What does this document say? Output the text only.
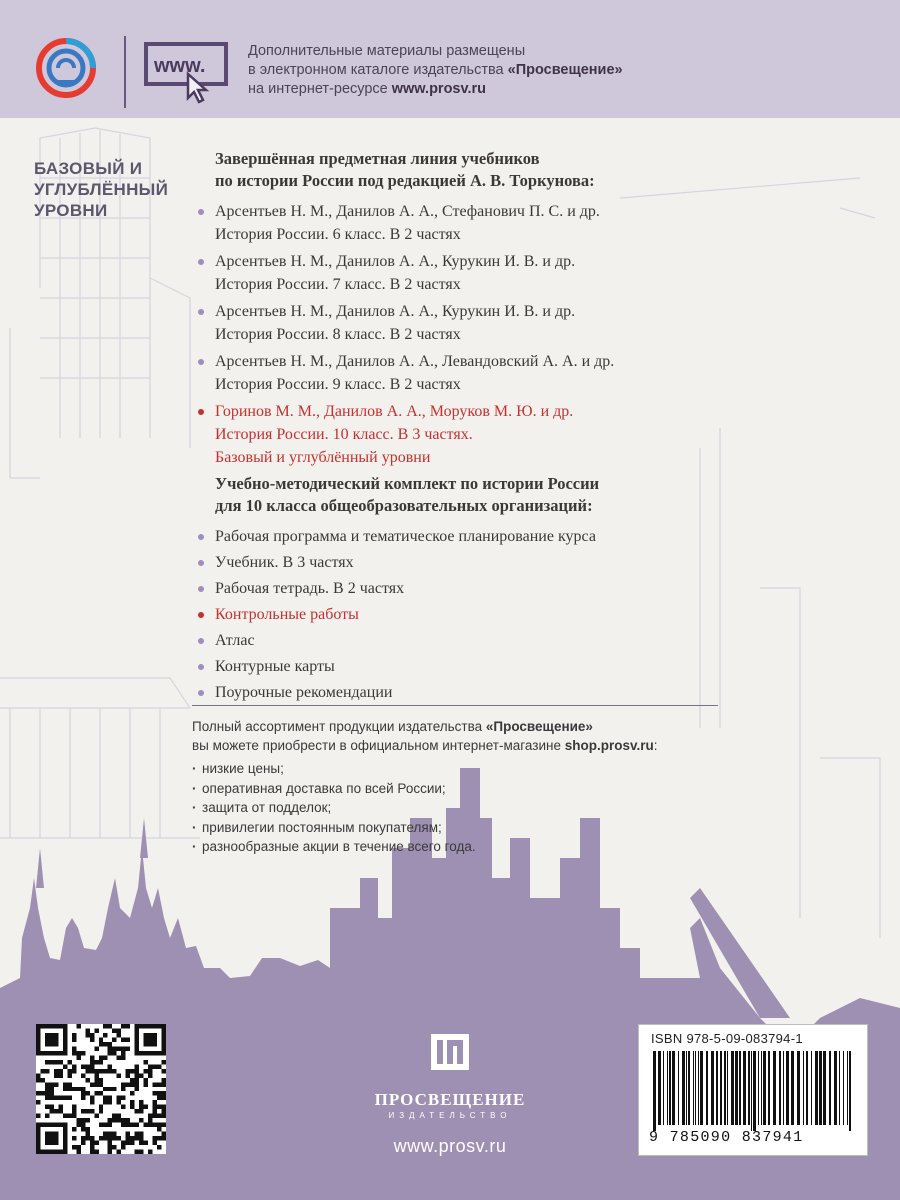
www.
Дополнительные материалы размещены
в электронном каталоге издательства «Просвещение»
на интернет-ресурсе www.prosv.ru
БАЗОВЫЙ И УГЛУБЛЁННЫЙ УРОВНИ
Завершённая предметная линия учебников
по истории России под редакцией А. В. Торкунова:
Арсентьев Н. М., Данилов А. А., Стефанович П. С. и др.
История России. 6 класс. В 2 частях
Арсентьев Н. М., Данилов А. А., Курукин И. В. и др.
История России. 7 класс. В 2 частях
Арсентьев Н. М., Данилов А. А., Курукин И. В. и др.
История России. 8 класс. В 2 частях
Арсентьев Н. М., Данилов А. А., Левандовский А. А. и др.
История России. 9 класс. В 2 частях
Горинов М. М., Данилов А. А., Моруков М. Ю. и др.
История России. 10 класс. В 3 частях.
Базовый и углублённый уровни
Учебно-методический комплект по истории России
для 10 класса общеобразовательных организаций:
Рабочая программа и тематическое планирование курса
Учебник. В 3 частях
Рабочая тетрадь. В 2 частях
Контрольные работы
Атлас
Контурные карты
Поурочные рекомендации
Полный ассортимент продукции издательства «Просвещение»
вы можете приобрести в официальном интернет-магазине shop.prosv.ru:
· низкие цены;
· оперативная доставка по всей России;
· защита от подделок;
· привилегии постоянным покупателям;
· разнообразные акции в течение всего года.
ПРОСВЕЩЕНИЕ
ИЗДАТЕЛЬСТВО
www.prosv.ru
ISBN 978-5-09-083794-1
9 785090 837941
